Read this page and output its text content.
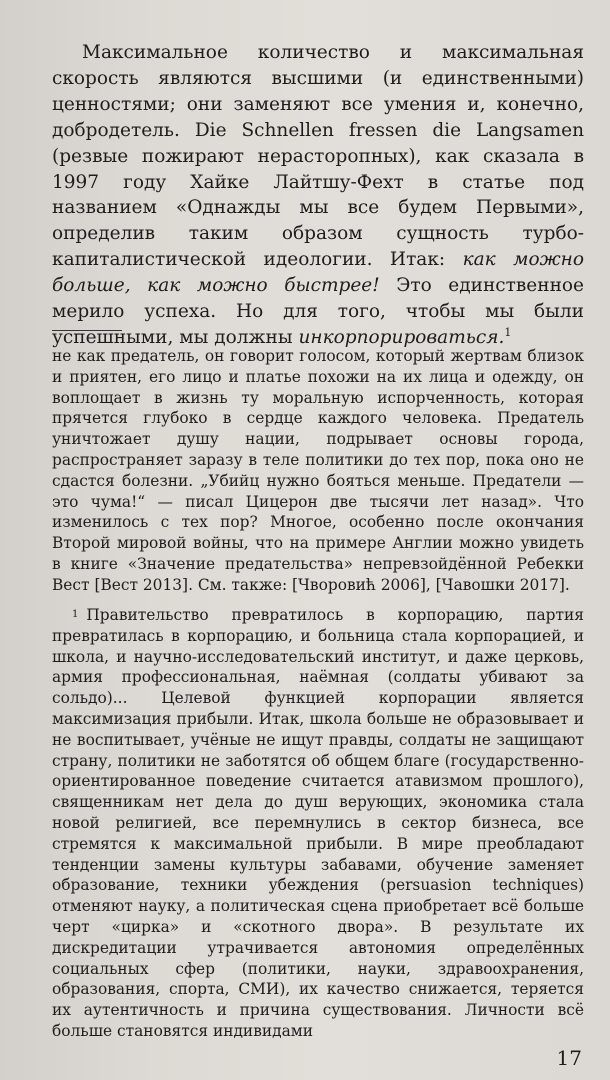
Максимальное количество и максимальная скорость являются высшими (и единственными) ценностями; они заменяют все умения и, конечно, добродетель. Die Schnellen fressen die Langsamen (резвые пожирают нерасторопных), как сказала в 1997 году Хайке Лайтшу-Фехт в статье под названием «Однажды мы все будем Первыми», определив таким образом сущность турбо-капиталистической идеологии. Итак: как можно больше, как можно быстрее! Это единственное мерило успеха. Но для того, чтобы мы были успешными, мы должны инкорпорироваться.$^1$

не как предатель, он говорит голосом, который жертвам близок и приятен, его лицо и платье похожи на их лица и одежду, он воплощает в жизнь ту моральную испорченность, которая прячется глубоко в сердце каждого человека. Предатель уничтожает душу нации, подрывает основы города, распространяет заразу в теле политики до тех пор, пока оно не сдастся болезни. „Убийц нужно бояться меньше. Предатели — это чума!“ — писал Цицерон две тысячи лет назад». Что изменилось с тех пор? Многое, особенно после окончания Второй мировой войны, что на примере Англии можно увидеть в книге «Значение предательства» непревзойдённой Ребекки Вест [Вест 2013]. См. также: [Чворовић 2006], [Чавошки 2017].

1 Правительство превратилось в корпорацию, партия превратилась в корпорацию, и больница стала корпорацией, и школа, и научно-исследовательский институт, и даже церковь, армия профессиональная, наёмная (солдаты убивают за сольдо)... Целевой функцией корпорации является максимизация прибыли. Итак, школа больше не образовывает и не воспитывает, учёные не ищут правды, солдаты не защищают страну, политики не заботятся об общем благе (государственно-ориентированное поведение считается атавизмом прошлого), священникам нет дела до душ верующих, экономика стала новой религией, все перемнулись в сектор бизнеса, все стремятся к максимальной прибыли. В мире преобладают тенденции замены культуры забавами, обучение заменяет образование, техники убеждения (persuasion techniques) отменяют науку, а политическая сцена приобретает всё больше черт «цирка» и «скотного двора». В результате их дискредитации утрачивается автономия определённых социальных сфер (политики, науки, здравоохранения, образования, спорта, СМИ), их качество снижается, теряется их аутентичность и причина существования. Личности всё больше становятся индивидами

17
